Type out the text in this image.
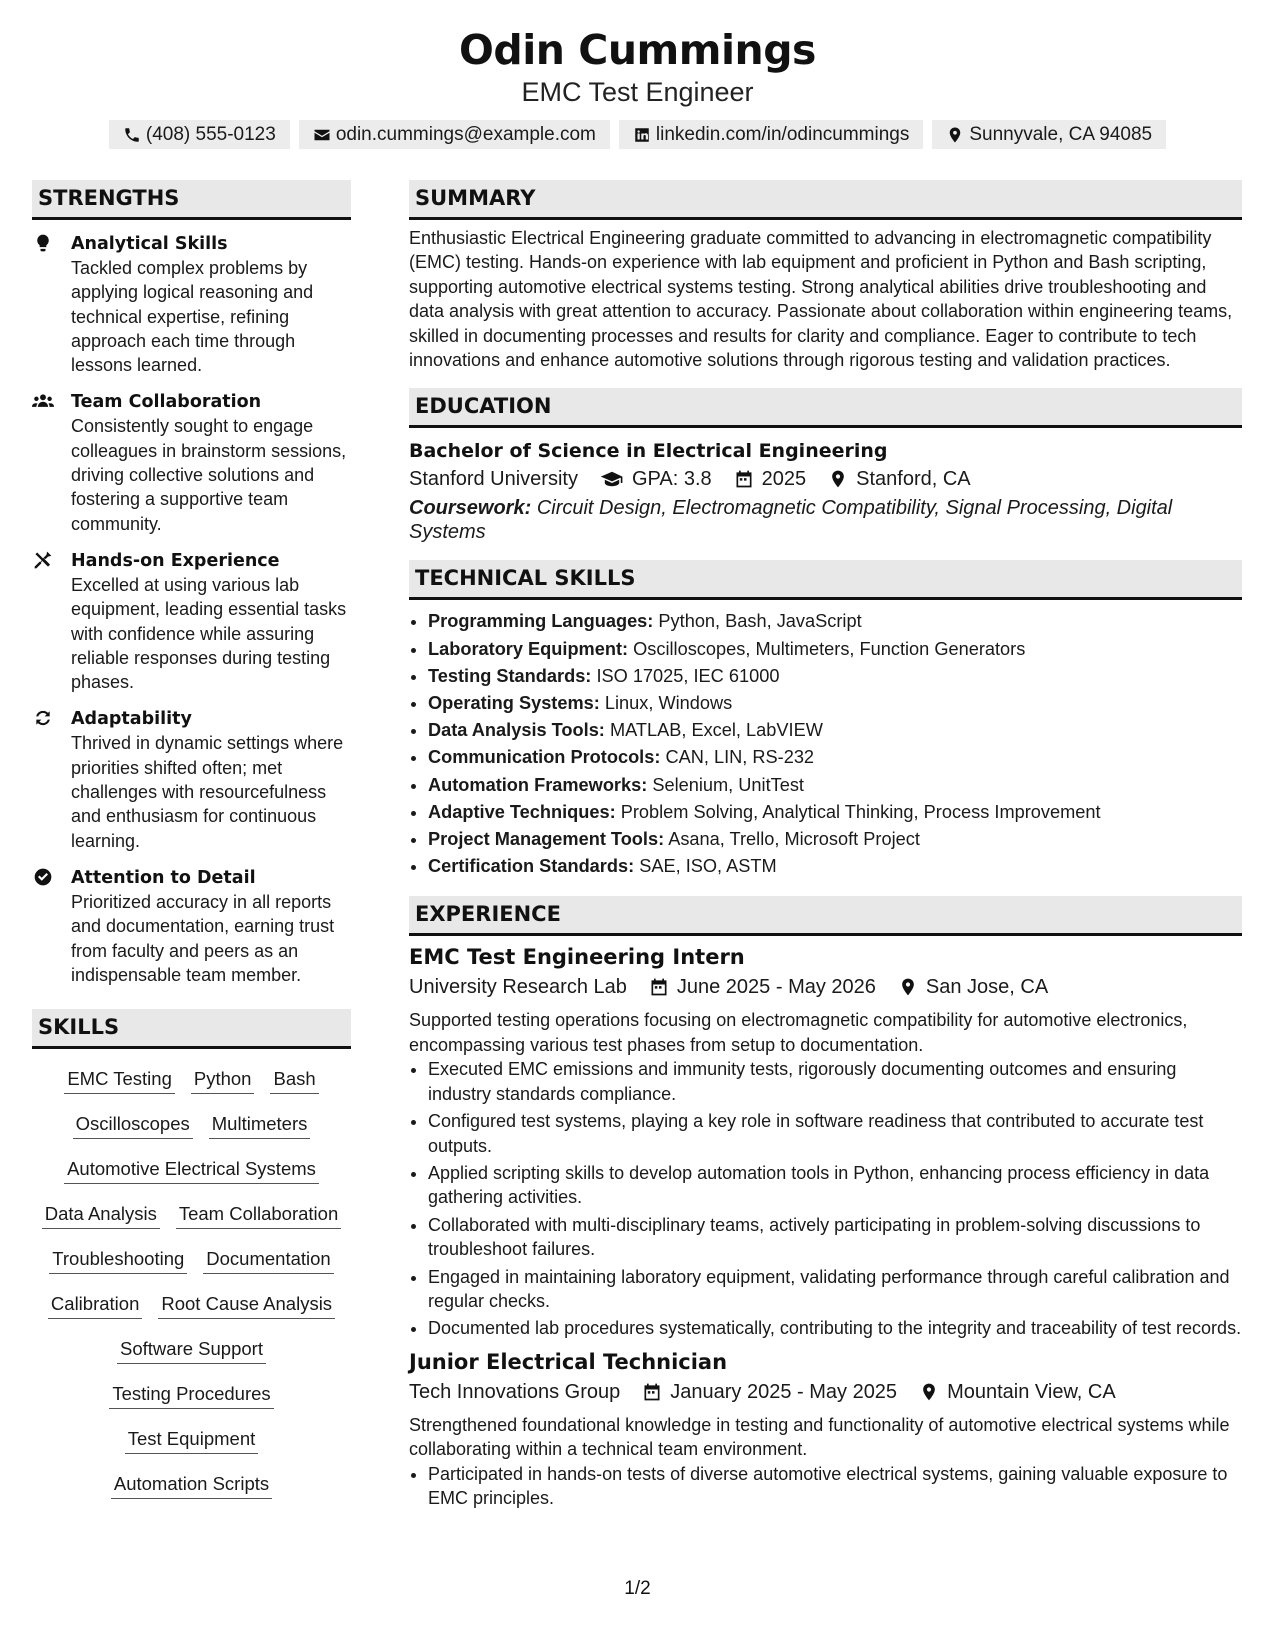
Odin Cummings
EMC Test Engineer
(408) 555-0123	odin.cummings@example.com	linkedin.com/in/odincummings	Sunnyvale, CA 94085
STRENGTHS
Analytical Skills
Tackled complex problems by applying logical reasoning and technical expertise, refining approach each time through lessons learned.
Team Collaboration
Consistently sought to engage colleagues in brainstorm sessions, driving collective solutions and fostering a supportive team community.
Hands-on Experience
Excelled at using various lab equipment, leading essential tasks with confidence while assuring reliable responses during testing phases.
Adaptability
Thrived in dynamic settings where priorities shifted often; met challenges with resourcefulness and enthusiasm for continuous learning.
Attention to Detail
Prioritized accuracy in all reports and documentation, earning trust from faculty and peers as an indispensable team member.
SKILLS
EMC Testing Python Bash
Oscilloscopes Multimeters
Automotive Electrical Systems
Data Analysis Team Collaboration
Troubleshooting Documentation
Calibration Root Cause Analysis
Software Support
Testing Procedures
Test Equipment
Automation Scripts
SUMMARY
Enthusiastic Electrical Engineering graduate committed to advancing in electromagnetic compatibility (EMC) testing. Hands-on experience with lab equipment and proficient in Python and Bash scripting, supporting automotive electrical systems testing. Strong analytical abilities drive troubleshooting and data analysis with great attention to accuracy. Passionate about collaboration within engineering teams, skilled in documenting processes and results for clarity and compliance. Eager to contribute to tech innovations and enhance automotive solutions through rigorous testing and validation practices.
EDUCATION
Bachelor of Science in Electrical Engineering
Stanford University	GPA: 3.8	2025	Stanford, CA
Coursework: Circuit Design, Electromagnetic Compatibility, Signal Processing, Digital Systems
TECHNICAL SKILLS
• Programming Languages: Python, Bash, JavaScript
• Laboratory Equipment: Oscilloscopes, Multimeters, Function Generators
• Testing Standards: ISO 17025, IEC 61000
• Operating Systems: Linux, Windows
• Data Analysis Tools: MATLAB, Excel, LabVIEW
• Communication Protocols: CAN, LIN, RS-232
• Automation Frameworks: Selenium, UnitTest
• Adaptive Techniques: Problem Solving, Analytical Thinking, Process Improvement
• Project Management Tools: Asana, Trello, Microsoft Project
• Certification Standards: SAE, ISO, ASTM
EXPERIENCE
EMC Test Engineering Intern
University Research Lab	June 2025 - May 2026	San Jose, CA
Supported testing operations focusing on electromagnetic compatibility for automotive electronics, encompassing various test phases from setup to documentation.
• Executed EMC emissions and immunity tests, rigorously documenting outcomes and ensuring industry standards compliance.
• Configured test systems, playing a key role in software readiness that contributed to accurate test outputs.
• Applied scripting skills to develop automation tools in Python, enhancing process efficiency in data gathering activities.
• Collaborated with multi-disciplinary teams, actively participating in problem-solving discussions to troubleshoot failures.
• Engaged in maintaining laboratory equipment, validating performance through careful calibration and regular checks.
• Documented lab procedures systematically, contributing to the integrity and traceability of test records.
Junior Electrical Technician
Tech Innovations Group	January 2025 - May 2025	Mountain View, CA
Strengthened foundational knowledge in testing and functionality of automotive electrical systems while collaborating within a technical team environment.
• Participated in hands-on tests of diverse automotive electrical systems, gaining valuable exposure to EMC principles.
1/2
